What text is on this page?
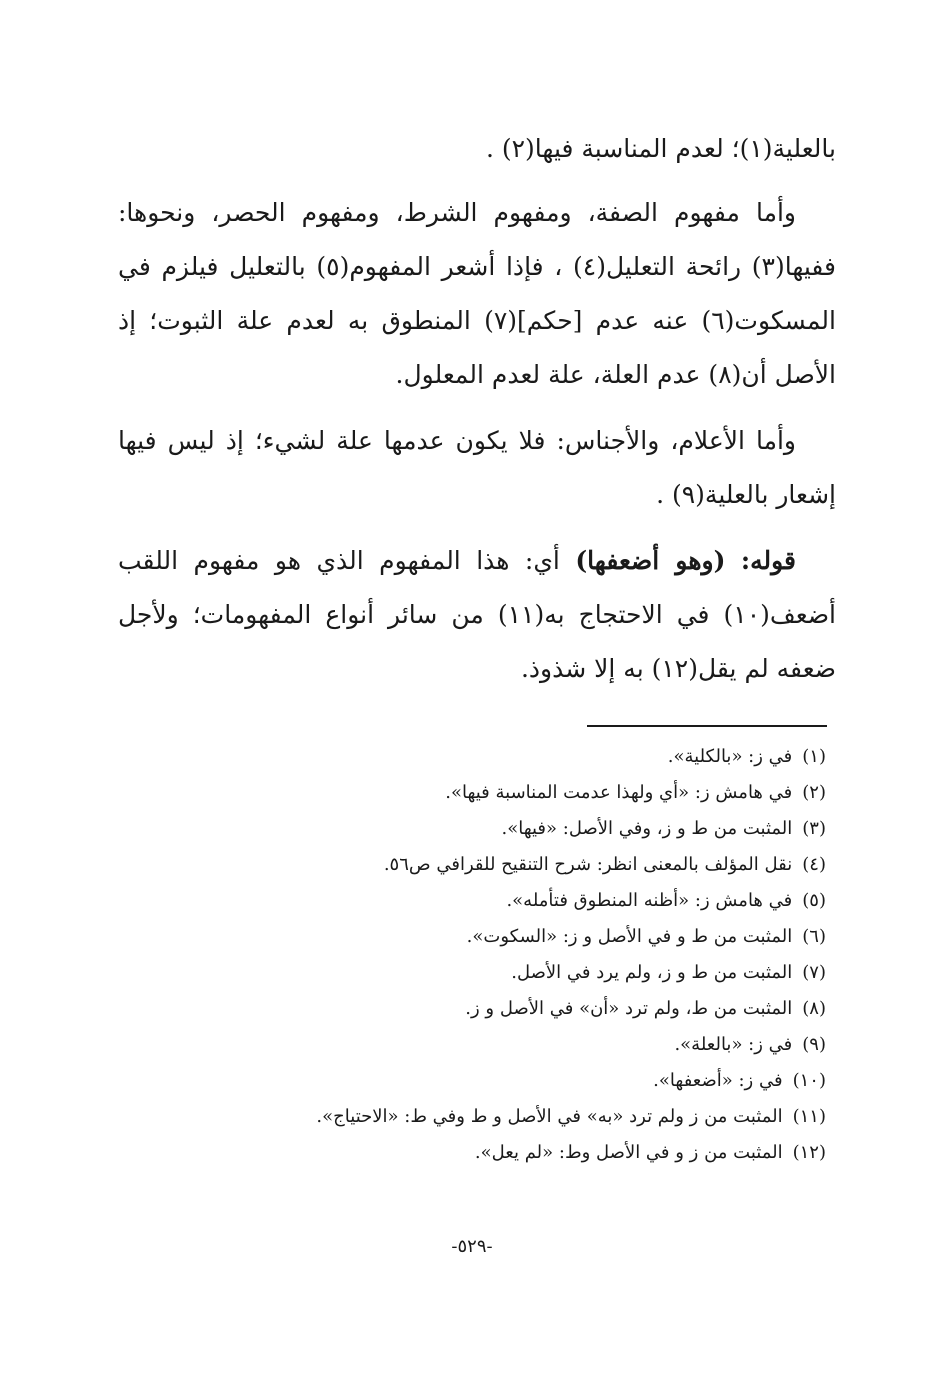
بالعلية(١)؛ لعدم المناسبة فيها(٢) .

وأما مفهوم الصفة، ومفهوم الشرط، ومفهوم الحصر، ونحوها: ففيها(٣) رائحة التعليل(٤) ، فإذا أشعر المفهوم(٥) بالتعليل فيلزم في المسكوت(٦) عنه عدم [حكم](٧) المنطوق به لعدم علة الثبوت؛ إذ الأصل أن(٨) عدم العلة، علة لعدم المعلول.

وأما الأعلام، والأجناس: فلا يكون عدمها علة لشيء؛ إذ ليس فيها إشعار بالعلية(٩) .

قوله: (وهو أضعفها) أي: هذا المفهوم الذي هو مفهوم اللقب أضعف(١٠) في الاحتجاج به(١١) من سائر أنواع المفهومات؛ ولأجل ضعفه لم يقل(١٢) به إلا شذوذ.

(١)في ز: «بالكلية».
(٢)في هامش ز: «أي ولهذا عدمت المناسبة فيها».
(٣)المثبت من ط و ز، وفي الأصل: «فيها».
(٤)نقل المؤلف بالمعنى انظر: شرح التنقيح للقرافي ص٥٦.
(٥)في هامش ز: «أظنه المنطوق فتأمله».
(٦)المثبت من ط و في الأصل و ز: «السكوت».
(٧)المثبت من ط و ز، ولم يرد في الأصل.
(٨)المثبت من ط، ولم ترد «أن» في الأصل و ز.
(٩)في ز: «بالعلة».
(١٠)في ز: «أضعفها».
(١١)المثبت من ز ولم ترد «به» في الأصل و ط وفي ط: «الاحتياج».
(١٢)المثبت من ز و في الأصل وط: «لم يعل».
-٥٢٩-
